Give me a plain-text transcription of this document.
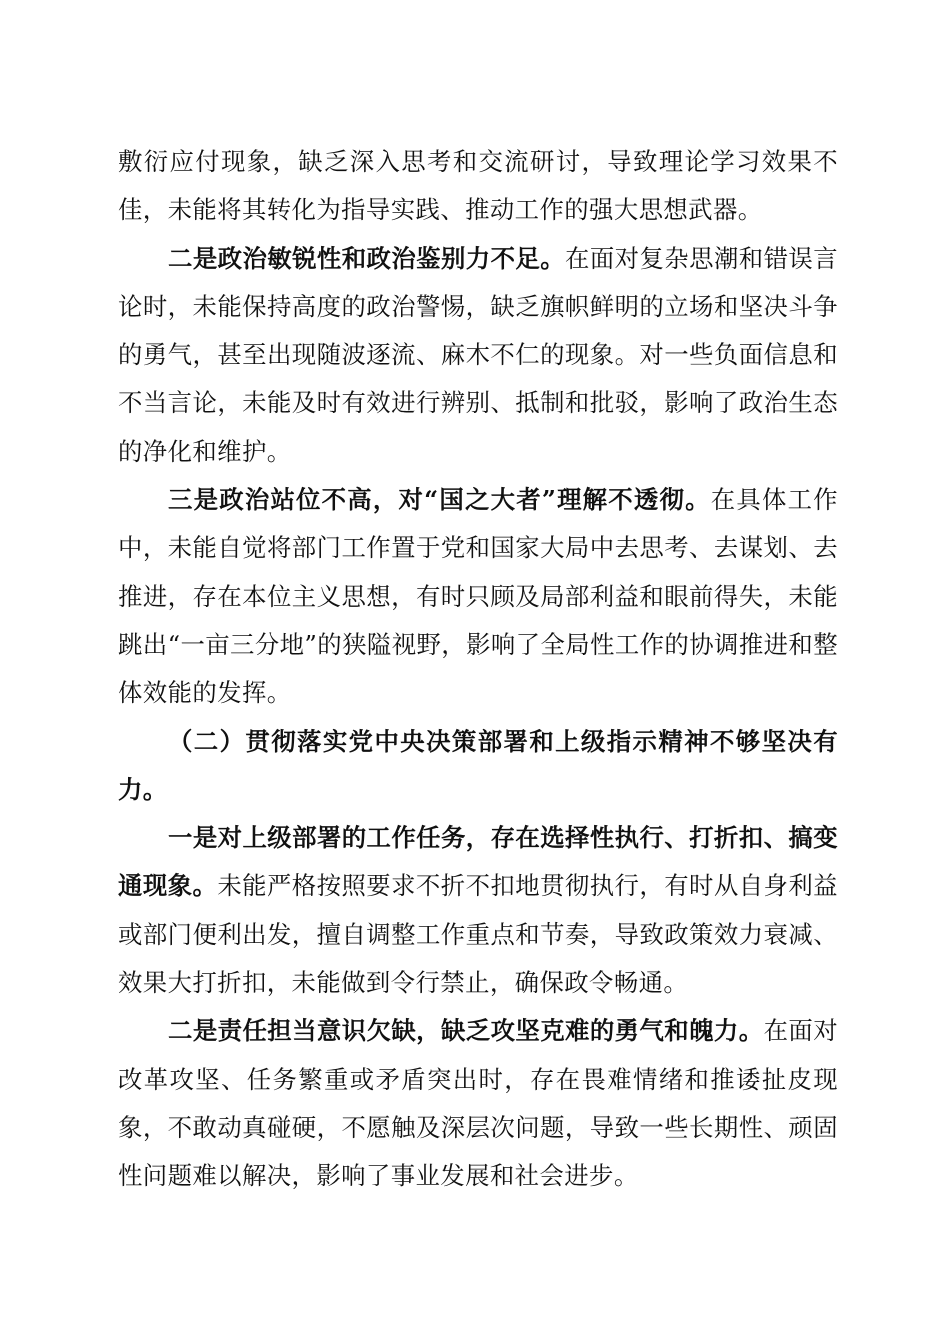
敷衍应付现象，缺乏深入思考和交流研讨，导致理论学习效果不佳，未能将其转化为指导实践、推动工作的强大思想武器。

二是政治敏锐性和政治鉴别力不足。在面对复杂思潮和错误言论时，未能保持高度的政治警惕，缺乏旗帜鲜明的立场和坚决斗争的勇气，甚至出现随波逐流、麻木不仁的现象。对一些负面信息和不当言论，未能及时有效进行辨别、抵制和批驳，影响了政治生态的净化和维护。

三是政治站位不高，对“国之大者”理解不透彻。在具体工作中，未能自觉将部门工作置于党和国家大局中去思考、去谋划、去推进，存在本位主义思想，有时只顾及局部利益和眼前得失，未能跳出“一亩三分地”的狭隘视野，影响了全局性工作的协调推进和整体效能的发挥。

（二）贯彻落实党中央决策部署和上级指示精神不够坚决有力。

一是对上级部署的工作任务，存在选择性执行、打折扣、搞变通现象。未能严格按照要求不折不扣地贯彻执行，有时从自身利益或部门便利出发，擅自调整工作重点和节奏，导致政策效力衰减、效果大打折扣，未能做到令行禁止，确保政令畅通。

二是责任担当意识欠缺，缺乏攻坚克难的勇气和魄力。在面对改革攻坚、任务繁重或矛盾突出时，存在畏难情绪和推诿扯皮现象，不敢动真碰硬，不愿触及深层次问题，导致一些长期性、顽固性问题难以解决，影响了事业发展和社会进步。
